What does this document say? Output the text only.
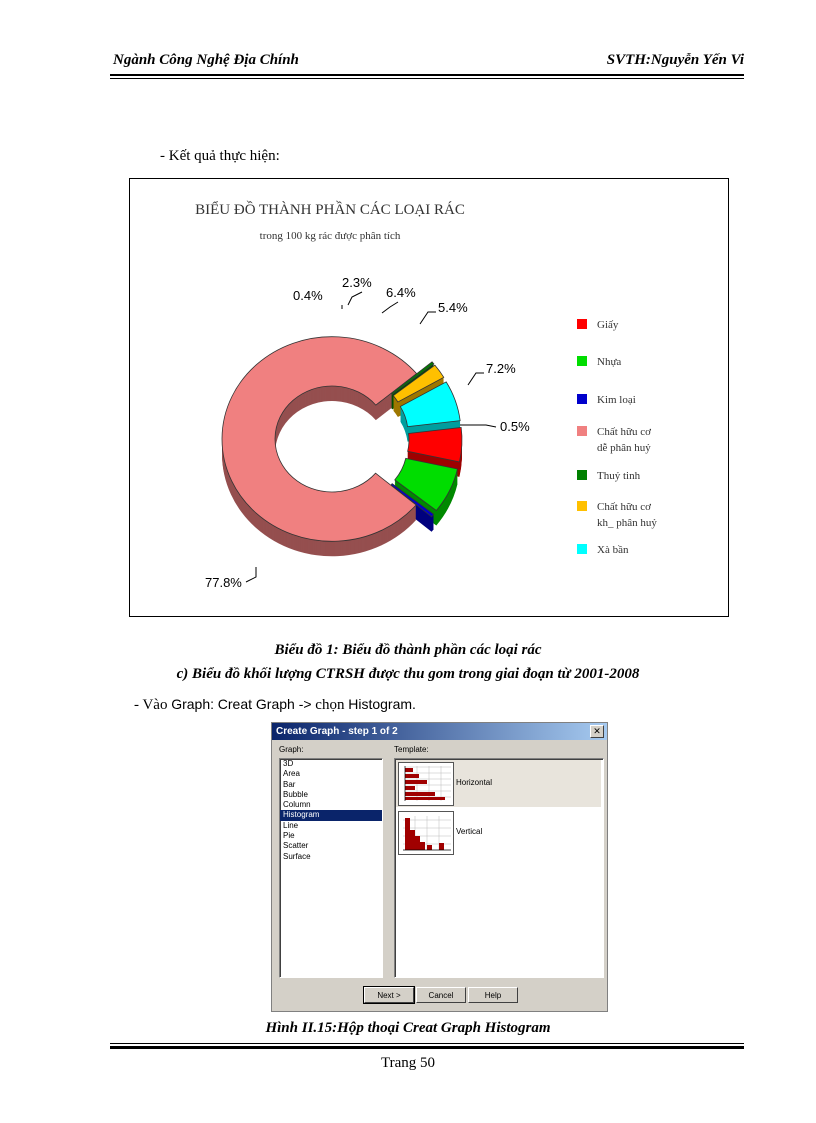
Ngành Công Nghệ Địa Chính	SVTH:Nguyễn Yến Vi
- Kết quả thực hiện:
BIỂU ĐỒ THÀNH PHẦN CÁC LOẠI RÁC
trong 100 kg rác được phân tích
5.4%
7.2%
0.5%
77.8%
0.4%
2.3%
6.4%
Giấy
Nhựa
Kim loại
Chất hữu cơ
dễ phân huỷ
Thuỷ tinh
Chất hữu cơ
kh_ phân huỷ
Xà bần
Biểu đồ 1: Biểu đồ thành phần các loại rác
c) Biểu đồ khối lượng CTRSH được thu gom trong giai đoạn từ 2001-2008
- Vào Graph: Creat Graph -> chọn Histogram.
Create Graph - step 1 of 2	✕
Graph:	Template:
3D
Area
Bar
Bubble
Column
Histogram
Line
Pie
Scatter
Surface
Horizontal
Vertical
Next >	Cancel	Help
Hình II.15:Hộp thoại Creat Graph Histogram
Trang 50
